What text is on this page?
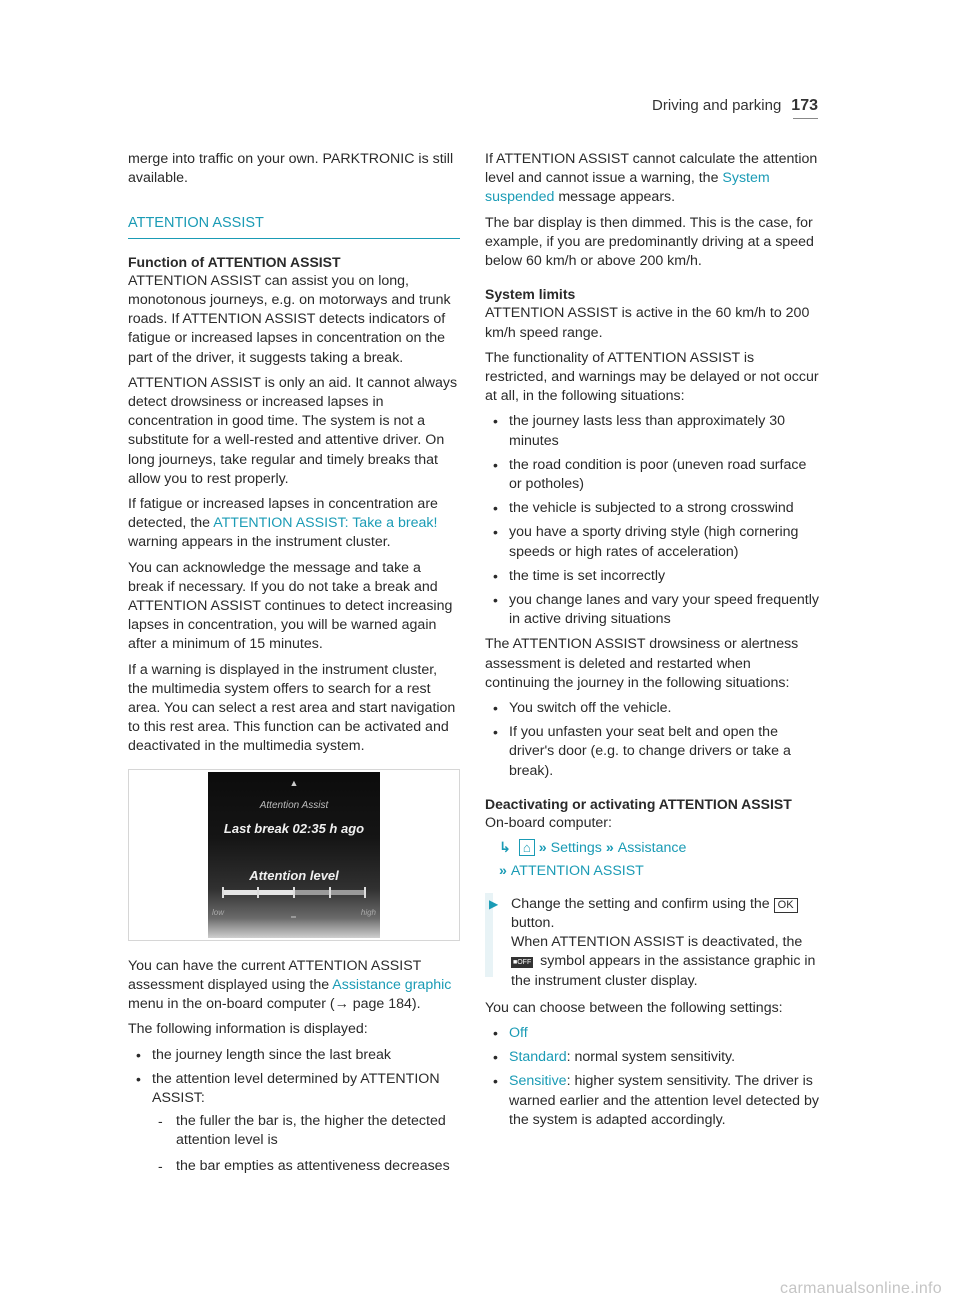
Driving and parking 173

merge into traffic on your own. PARKTRONIC is still available.

ATTENTION ASSIST
Function of ATTENTION ASSIST

ATTENTION ASSIST can assist you on long, monotonous journeys, e.g. on motorways and trunk roads. If ATTENTION ASSIST detects indicators of fatigue or increased lapses in concentration on the part of the driver, it suggests taking a break.

ATTENTION ASSIST is only an aid. It cannot always detect drowsiness or increased lapses in concentration in good time. The system is not a substitute for a well-rested and attentive driver. On long journeys, take regular and timely breaks that allow you to rest properly.

If fatigue or increased lapses in concentration are detected, the ATTENTION ASSIST: Take a break! warning appears in the instrument cluster.

You can acknowledge the message and take a break if necessary. If you do not take a break and ATTENTION ASSIST continues to detect increasing lapses in concentration, you will be warned again after a minimum of 15 minutes.

If a warning is displayed in the instrument cluster, the multimedia system offers to search for a rest area. You can select a rest area and start navigation to this rest area. This function can be activated and deactivated in the multimedia system.

▲
Attention Assist
Last break 02:35 h ago
Attention level
low	high

You can have the current ATTENTION ASSIST assessment displayed using the Assistance graphic menu in the on-board computer (→ page 184).

The following information is displayed:

• the journey length since the last break
• the attention level determined by ATTENTION ASSIST:
- the fuller the bar is, the higher the detected attention level is
- the bar empties as attentiveness decreases

If ATTENTION ASSIST cannot calculate the attention level and cannot issue a warning, the System suspended message appears.

The bar display is then dimmed. This is the case, for example, if you are predominantly driving at a speed below 60 km/h or above 200 km/h.

System limits

ATTENTION ASSIST is active in the 60 km/h to 200 km/h speed range.

The functionality of ATTENTION ASSIST is restricted, and warnings may be delayed or not occur at all, in the following situations:

• the journey lasts less than approximately 30 minutes
• the road condition is poor (uneven road surface or potholes)
• the vehicle is subjected to a strong crosswind
• you have a sporty driving style (high cornering speeds or high rates of acceleration)
• the time is set incorrectly
• you change lanes and vary your speed frequently in active driving situations

The ATTENTION ASSIST drowsiness or alertness assessment is deleted and restarted when continuing the journey in the following situations:

• You switch off the vehicle.
• If you unfasten your seat belt and open the driver's door (e.g. to change drivers or take a break).
Deactivating or activating ATTENTION ASSIST

On-board computer:

↳ ⌂ » Settings » Assistance
» ATTENTION ASSIST
▶ Change the setting and confirm using the OK button.
When ATTENTION ASSIST is deactivated, the ■OFF symbol appears in the assistance graphic in the instrument cluster display.

You can choose between the following settings:

• Off
• Standard: normal system sensitivity.
• Sensitive: higher system sensitivity. The driver is warned earlier and the attention level detected by the system is adapted accordingly.
carmanualsonline.info
